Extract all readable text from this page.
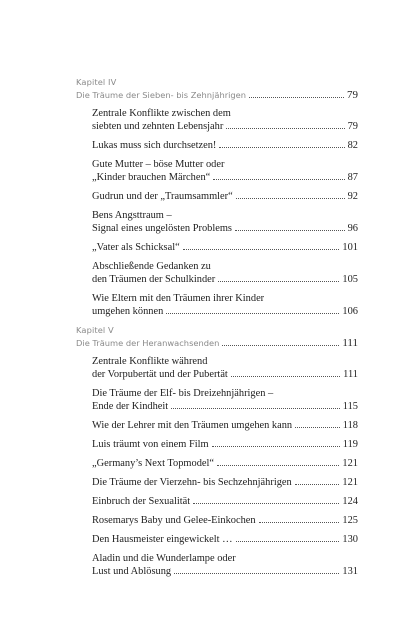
Kapitel IV
Die Träume der Sieben- bis Zehnjährigen	79
Zentrale Konflikte zwischen dem
siebten und zehnten Lebensjahr	79
Lukas muss sich durchsetzen!	82
Gute Mutter – böse Mutter oder
„Kinder brauchen Märchen“	87
Gudrun und der „Traumsammler“	92
Bens Angsttraum –
Signal eines ungelösten Problems	96
„Vater als Schicksal“	101
Abschließende Gedanken zu
den Träumen der Schulkinder	105
Wie Eltern mit den Träumen ihrer Kinder
umgehen können	106
Kapitel V
Die Träume der Heranwachsenden	111
Zentrale Konflikte während
der Vorpubertät und der Pubertät	111
Die Träume der Elf- bis Dreizehnjährigen –
Ende der Kindheit	115
Wie der Lehrer mit den Träumen umgehen kann	118
Luis träumt von einem Film	119
„Germany’s Next Topmodel“	121
Die Träume der Vierzehn- bis Sechzehnjährigen	121
Einbruch der Sexualität	124
Rosemarys Baby und Gelee-Einkochen	125
Den Hausmeister eingewickelt …	130
Aladin und die Wunderlampe oder
Lust und Ablösung	131
